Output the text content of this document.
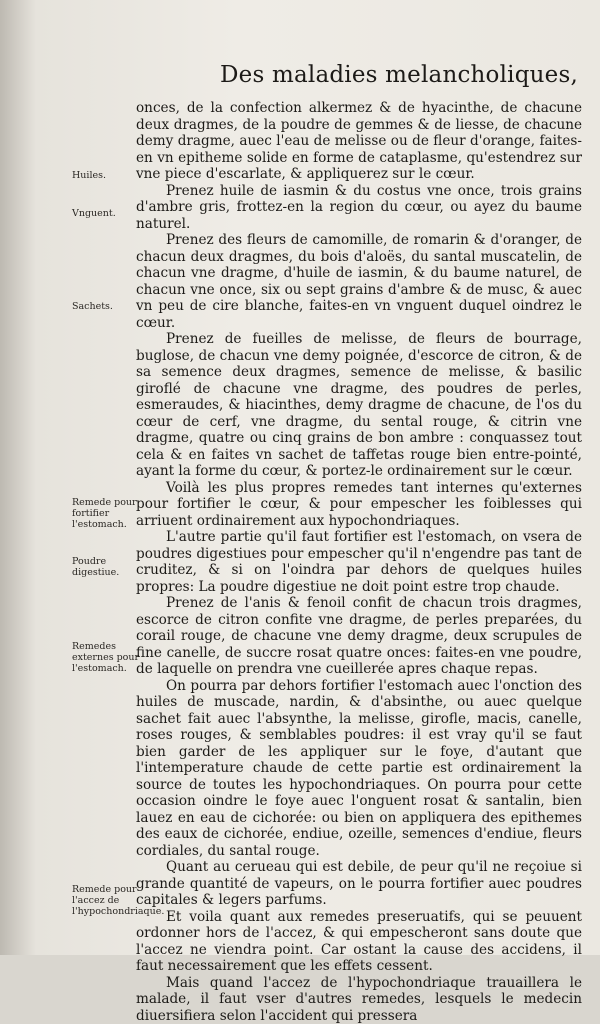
Des maladies melancholiques,
Huiles.
Vnguent.
Sachets.
Remede pour fortifier l'estomach.
Poudre digestiue.
Remedes externes pour l'estomach.
Remede pour l'accez de l'hypochondriaque.

onces, de la confection alkermez & de hyacinthe, de chacune deux dragmes, de la poudre de gemmes & de liesse, de chacune demy dragme, auec l'eau de melisse ou de fleur d'orange, faites-en vn epitheme solide en forme de cataplasme, qu'estendrez sur vne piece d'escarlate, & appliquerez sur le cœur.

Prenez huile de iasmin & du costus vne once, trois grains d'ambre gris, frottez-en la region du cœur, ou ayez du baume naturel.

Prenez des fleurs de camomille, de romarin & d'oranger, de chacun deux dragmes, du bois d'aloës, du santal muscatelin, de chacun vne dragme, d'huile de iasmin, & du baume naturel, de chacun vne once, six ou sept grains d'ambre & de musc, & auec vn peu de cire blanche, faites-en vn vnguent duquel oindrez le cœur.

Prenez de fueilles de melisse, de fleurs de bourrage, buglose, de chacun vne demy poignée, d'escorce de citron, & de sa semence deux dragmes, semence de melisse, & basilic giroflé de chacune vne dragme, des poudres de perles, esmeraudes, & hiacinthes, demy dragme de chacune, de l'os du cœur de cerf, vne dragme, du sental rouge, & citrin vne dragme, quatre ou cinq grains de bon ambre : conquassez tout cela & en faites vn sachet de taffetas rouge bien entre-pointé, ayant la forme du cœur, & portez-le ordinairement sur le cœur.

Voilà les plus propres remedes tant internes qu'externes pour fortifier le cœur, & pour empescher les foiblesses qui arriuent ordinairement aux hypochondriaques.

L'autre partie qu'il faut fortifier est l'estomach, on vsera de poudres digestiues pour empescher qu'il n'engendre pas tant de cruditez, & si on l'oindra par dehors de quelques huiles propres: La poudre digestiue ne doit point estre trop chaude.

Prenez de l'anis & fenoil confit de chacun trois dragmes, escorce de citron confite vne dragme, de perles preparées, du corail rouge, de chacune vne demy dragme, deux scrupules de fine canelle, de succre rosat quatre onces: faites-en vne poudre, de laquelle on prendra vne cueillerée apres chaque repas.

On pourra par dehors fortifier l'estomach auec l'onction des huiles de muscade, nardin, & d'absinthe, ou auec quelque sachet fait auec l'absynthe, la melisse, girofle, macis, canelle, roses rouges, & semblables poudres: il est vray qu'il se faut bien garder de les appliquer sur le foye, d'autant que l'intemperature chaude de cette partie est ordinairement la source de toutes les hypochondriaques. On pourra pour cette occasion oindre le foye auec l'onguent rosat & santalin, bien lauez en eau de cichorée: ou bien on appliquera des epithemes des eaux de cichorée, endiue, ozeille, semences d'endiue, fleurs cordiales, du santal rouge.

Quant au cerueau qui est debile, de peur qu'il ne reçoiue si grande quantité de vapeurs, on le pourra fortifier auec poudres capitales & legers parfums.

Et voila quant aux remedes preseruatifs, qui se peuuent ordonner hors de l'accez, & qui empescheront sans doute que l'accez ne viendra point. Car ostant la cause des accidens, il faut necessairement que les effets cessent.

Mais quand l'accez de l'hypochondriaque trauaillera le malade, il faut vser d'autres remedes, lesquels le medecin diuersifiera selon l'accident qui pressera
